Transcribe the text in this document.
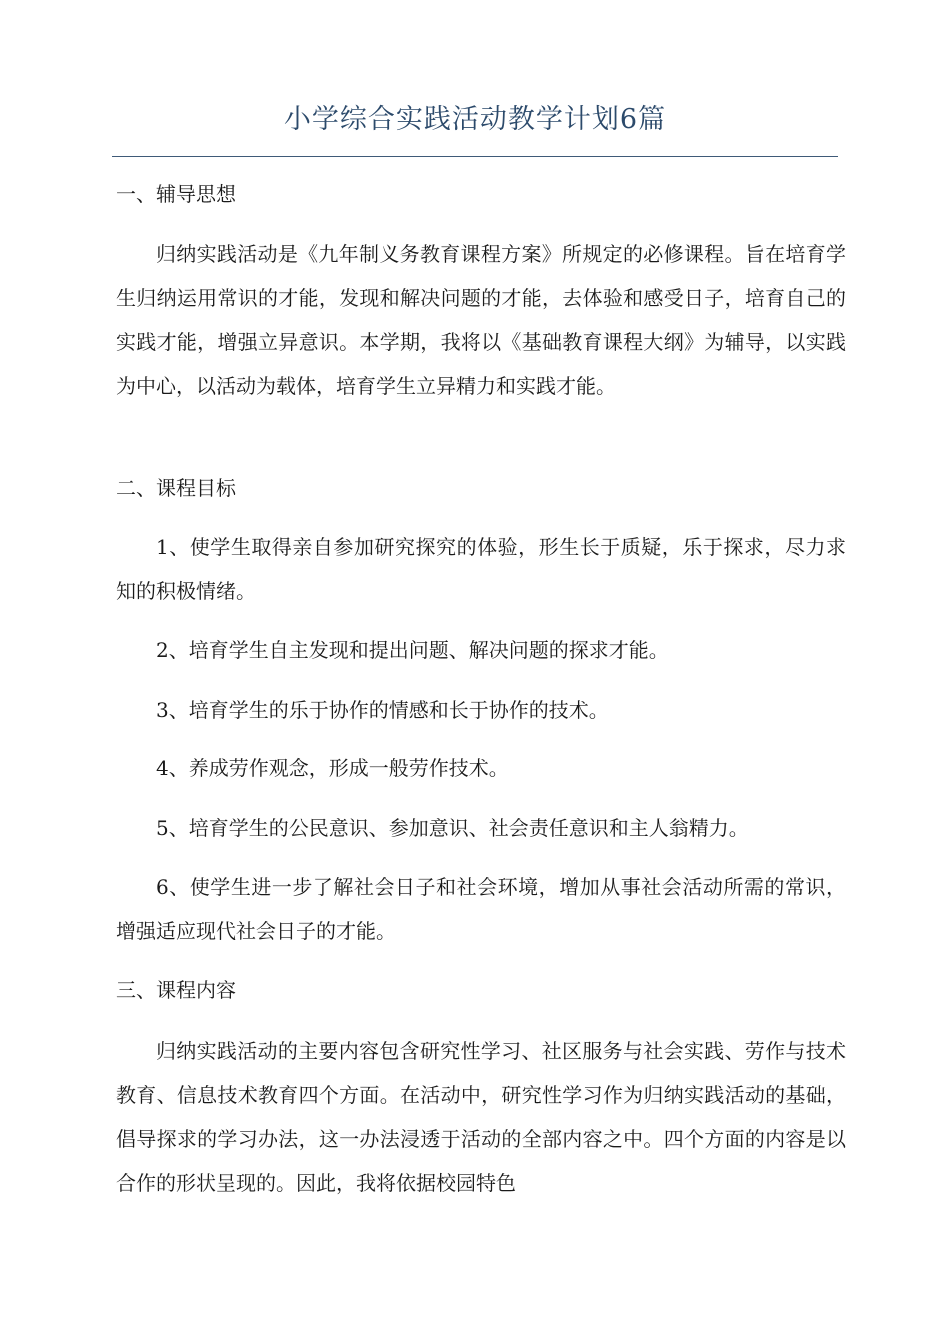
小学综合实践活动教学计划6篇

一、辅导思想

归纳实践活动是《九年制义务教育课程方案》所规定的必修课程。旨在培育学生归纳运用常识的才能，发现和解决问题的才能，去体验和感受日子，培育自己的实践才能，增强立异意识。本学期，我将以《基础教育课程大纲》为辅导，以实践为中心，以活动为载体，培育学生立异精力和实践才能。

二、课程目标

1、使学生取得亲自参加研究探究的体验，形生长于质疑，乐于探求，尽力求知的积极情绪。

2、培育学生自主发现和提出问题、解决问题的探求才能。

3、培育学生的乐于协作的情感和长于协作的技术。

4、养成劳作观念，形成一般劳作技术。

5、培育学生的公民意识、参加意识、社会责任意识和主人翁精力。

6、使学生进一步了解社会日子和社会环境，增加从事社会活动所需的常识，增强适应现代社会日子的才能。

三、课程内容

归纳实践活动的主要内容包含研究性学习、社区服务与社会实践、劳作与技术教育、信息技术教育四个方面。在活动中，研究性学习作为归纳实践活动的基础，倡导探求的学习办法，这一办法浸透于活动的全部内容之中。四个方面的内容是以合作的形状呈现的。因此，我将依据校园特色
